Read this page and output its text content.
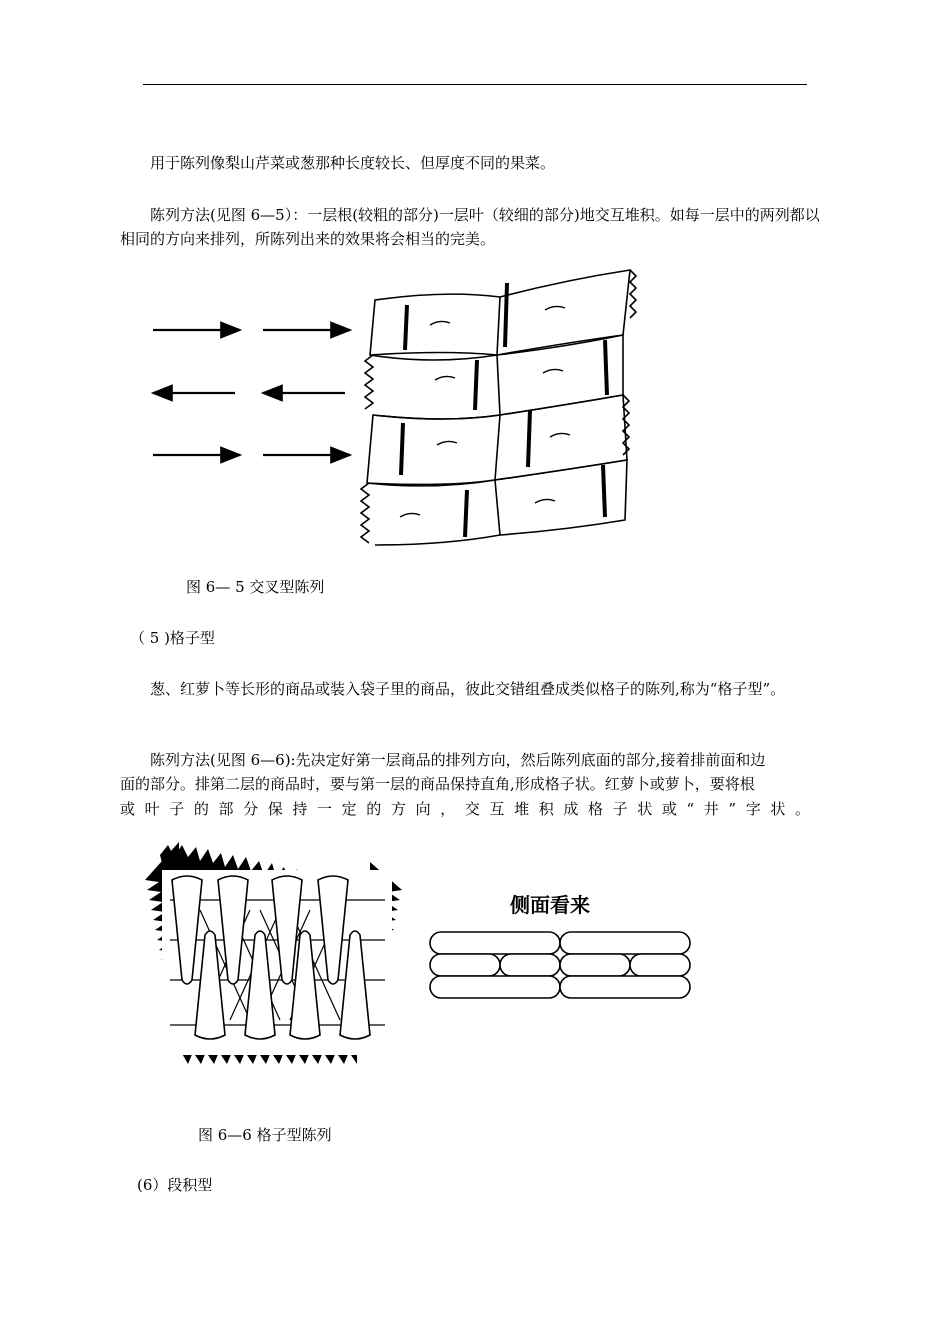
用于陈列像梨山芹菜或葱那种长度较长、但厚度不同的果菜。

陈列方法(见图 6—5）：一层根(较粗的部分)一层叶（较细的部分)地交互堆积。如每一层中的两列都以相同的方向来排列，所陈列出来的效果将会相当的完美。

图 6— 5 交叉型陈列
（ 5 )格子型

葱、红萝卜等长形的商品或装入袋子里的商品，彼此交错组叠成类似格子的陈列,称为“格子型”。

陈列方法(见图 6—6):先决定好第一层商品的排列方向，然后陈列底面的部分,接着排前面和边

面的部分。排第二层的商品时，要与第一层的商品保持直角,形成格子状。红萝卜或萝卜，要将根

或叶子的部分保持一定的方向，交互堆积成格子状或“井”字状。

侧面看来
图 6—6 格子型陈列
(6）段积型
